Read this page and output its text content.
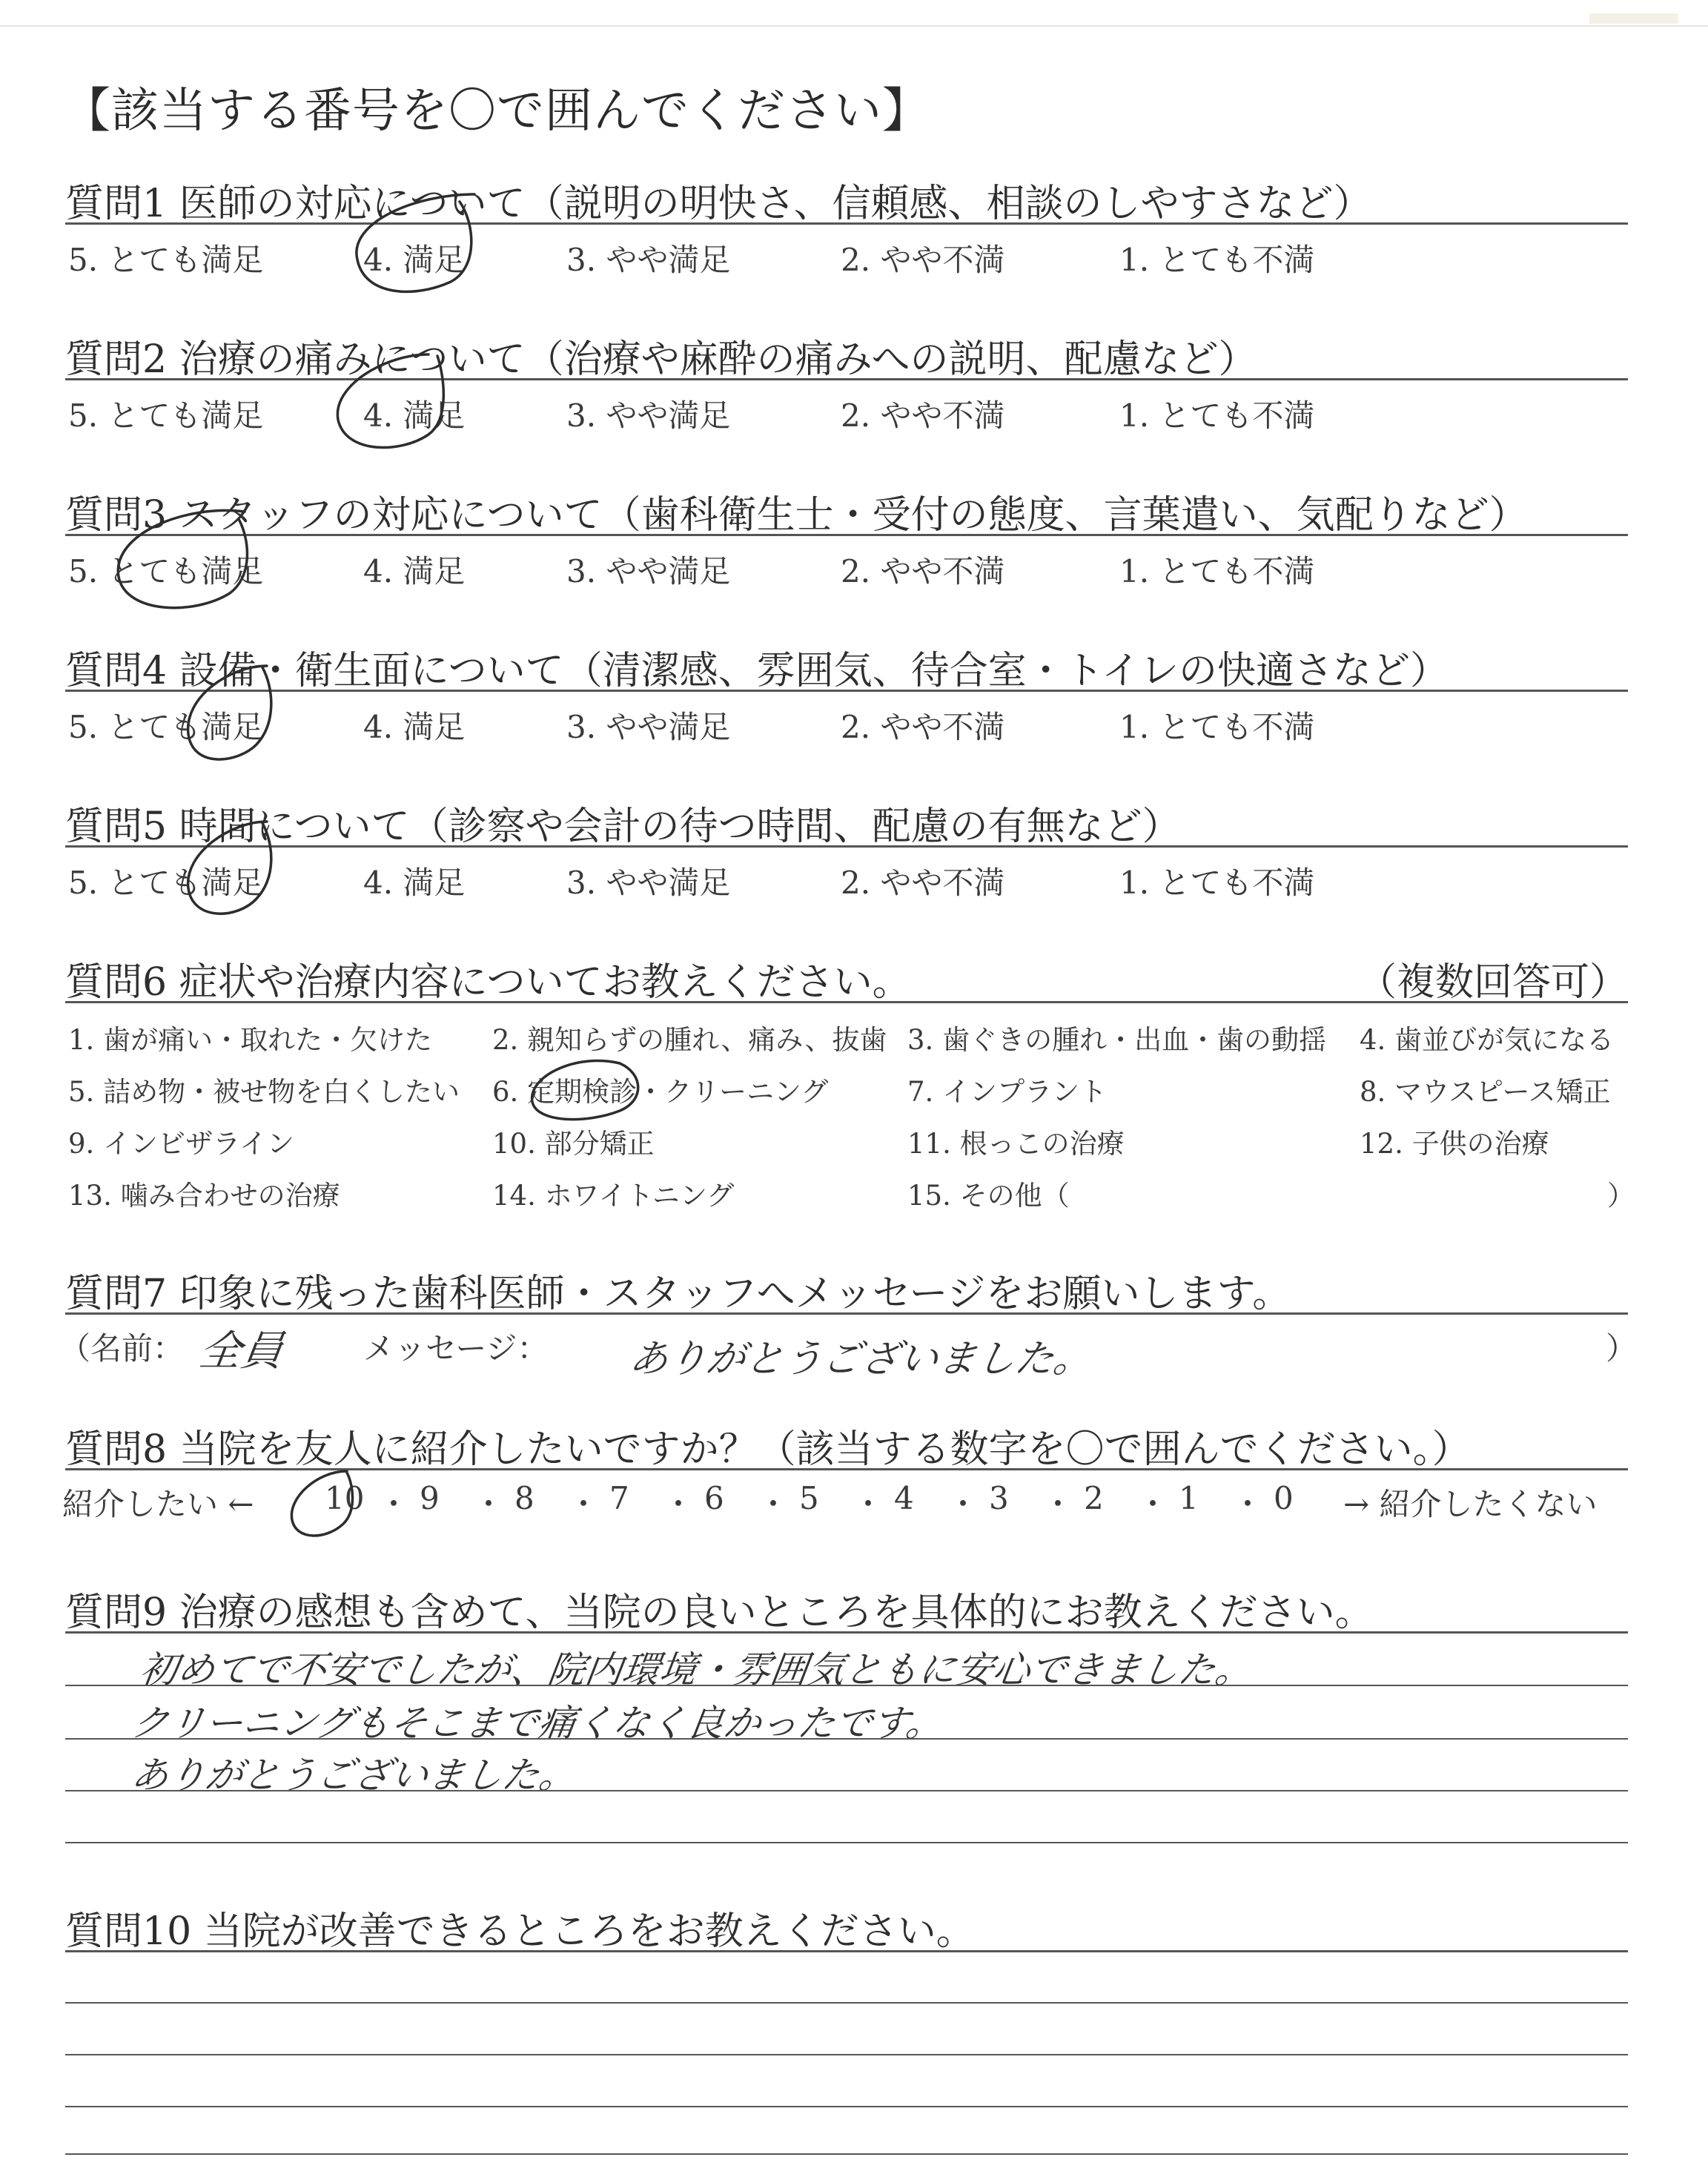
【該当する番号を〇で囲んでください】
質問1 医師の対応について（説明の明快さ、信頼感、相談のしやすさなど）
5. とても満足	4. 満足	3. やや満足	2. やや不満	1. とても不満
質問2 治療の痛みについて（治療や麻酔の痛みへの説明、配慮など）
5. とても満足	4. 満足	3. やや満足	2. やや不満	1. とても不満
質問3 スタッフの対応について（歯科衛生士・受付の態度、言葉遣い、気配りなど）
5. とても満足	4. 満足	3. やや満足	2. やや不満	1. とても不満
質問4 設備・衛生面について（清潔感、雰囲気、待合室・トイレの快適さなど）
5. とても満足	4. 満足	3. やや満足	2. やや不満	1. とても不満
質問5 時間について（診察や会計の待つ時間、配慮の有無など）
5. とても満足	4. 満足	3. やや満足	2. やや不満	1. とても不満
質問6 症状や治療内容についてお教えください。	（複数回答可）
1. 歯が痛い・取れた・欠けた 2. 親知らずの腫れ、痛み、抜歯 3. 歯ぐきの腫れ・出血・歯の動揺 4. 歯並びが気になる
5. 詰め物・被せ物を白くしたい 6. 定期検診・クリーニング	7. インプラント	8. マウスピース矯正
9. インビザライン	10. 部分矯正	11. 根っこの治療	12. 子供の治療
13. 噛み合わせの治療	14. ホワイトニング	15. その他（	）
質問7 印象に残った歯科医師・スタッフへメッセージをお願いします。
（名前： 全員 メッセージ： ありがとうございました。	）
質問8 当院を友人に紹介したいですか？（該当する数字を〇で囲んでください。）
紹介したい ←	→ 紹介したくない
10 ・ 9 ・ 8 ・ 7 ・ 6 ・ 5 ・ 4 ・ 3 ・ 2 ・ 1 ・ 0
質問9 治療の感想も含めて、当院の良いところを具体的にお教えください。
初めてで不安でしたが、院内環境・雰囲気ともに安心できました。
クリーニングもそこまで痛くなく良かったです。
ありがとうございました。
質問10 当院が改善できるところをお教えください。
